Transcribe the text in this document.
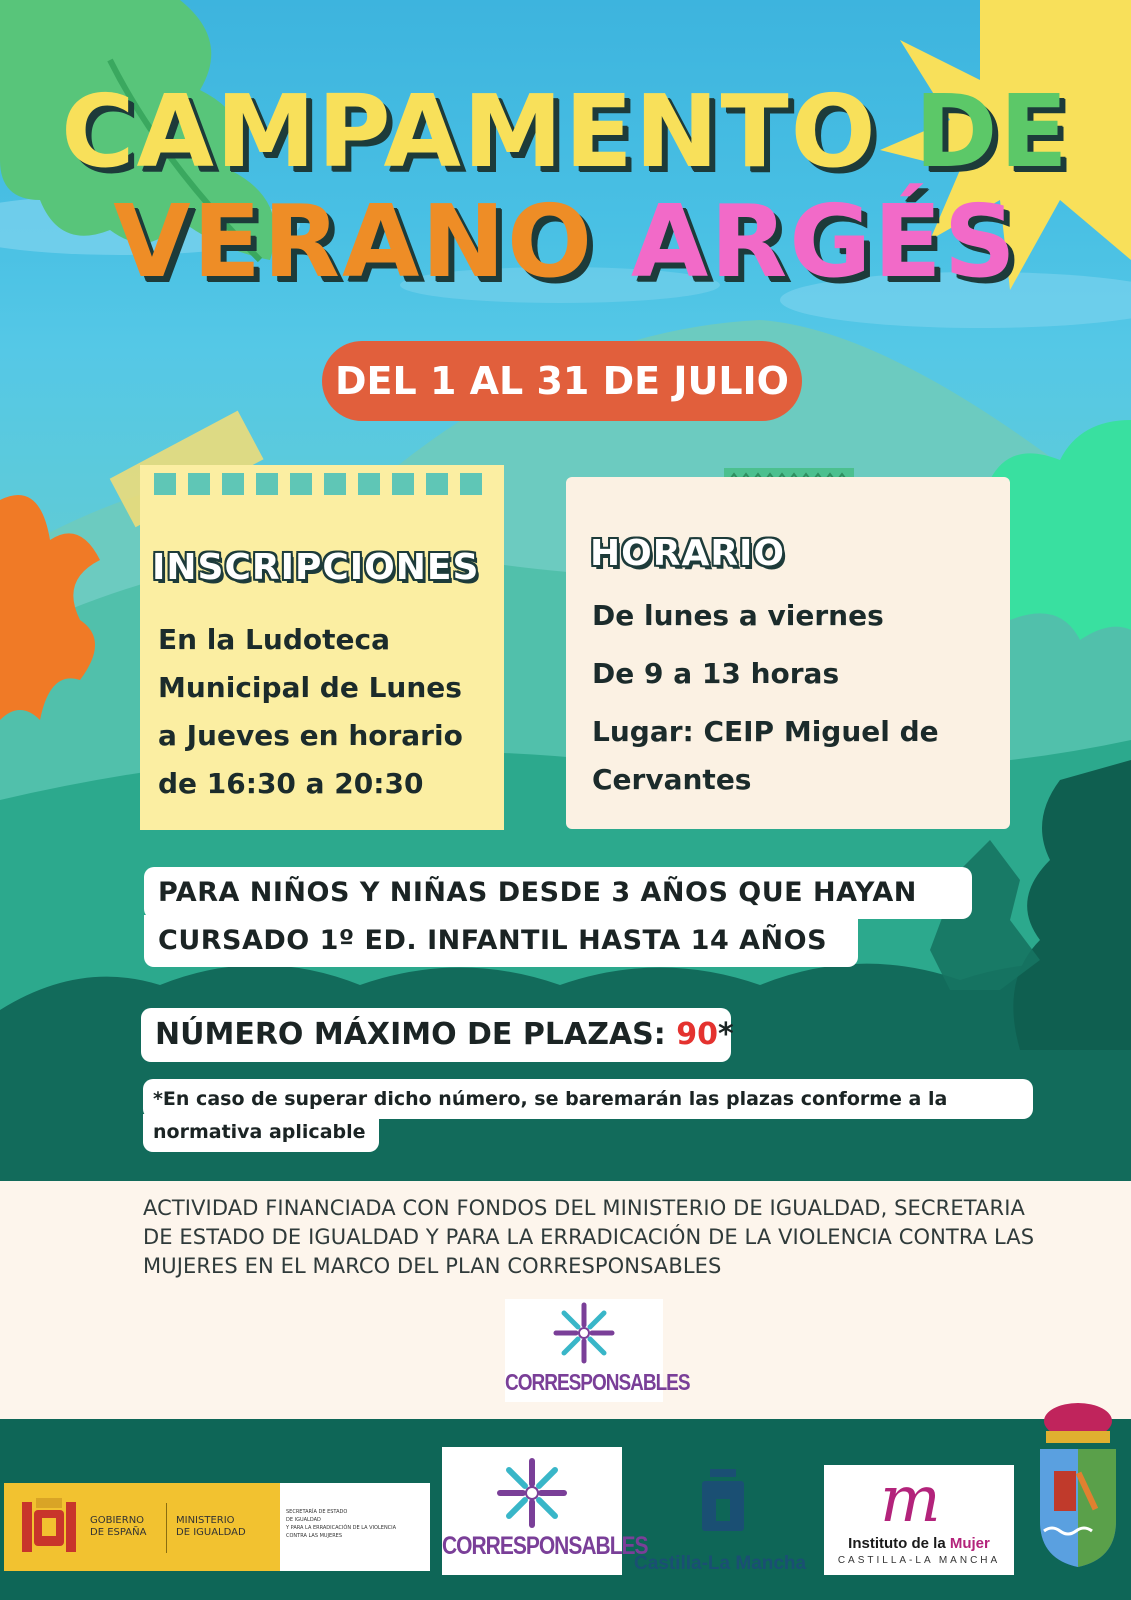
CAMPAMENTO DE
VERANO ARGÉS
DEL 1 AL 31 DE JULIO
INSCRIPCIONES
En la Ludoteca
Municipal de Lunes
a Jueves en horario
de 16:30 a 20:30
HORARIO
De lunes a viernes
De 9 a 13 horas
Lugar: CEIP Miguel de
Cervantes
PARA NIÑOS Y NIÑAS DESDE 3 AÑOS QUE HAYAN
CURSADO 1º ED. INFANTIL HASTA 14 AÑOS
NÚMERO MÁXIMO DE PLAZAS: 90*
*En caso de superar dicho número, se baremarán las plazas conforme a la
normativa aplicable
ACTIVIDAD FINANCIADA CON FONDOS DEL MINISTERIO DE IGUALDAD, SECRETARIA
DE ESTADO DE IGUALDAD Y PARA LA ERRADICACIÓN DE LA VIOLENCIA CONTRA LAS
MUJERES EN EL MARCO DEL PLAN CORRESPONSABLES
CORRESPONSABLES
GOBIERNO
DE ESPAÑA
MINISTERIO
DE IGUALDAD
SECRETARÍA DE ESTADO
DE IGUALDAD
Y PARA LA ERRADICACIÓN DE LA VIOLENCIA
CONTRA LAS MUJERES	CORRESPONSABLES
Castilla-La Mancha
m
Instituto de la Mujer
CASTILLA-LA MANCHA
